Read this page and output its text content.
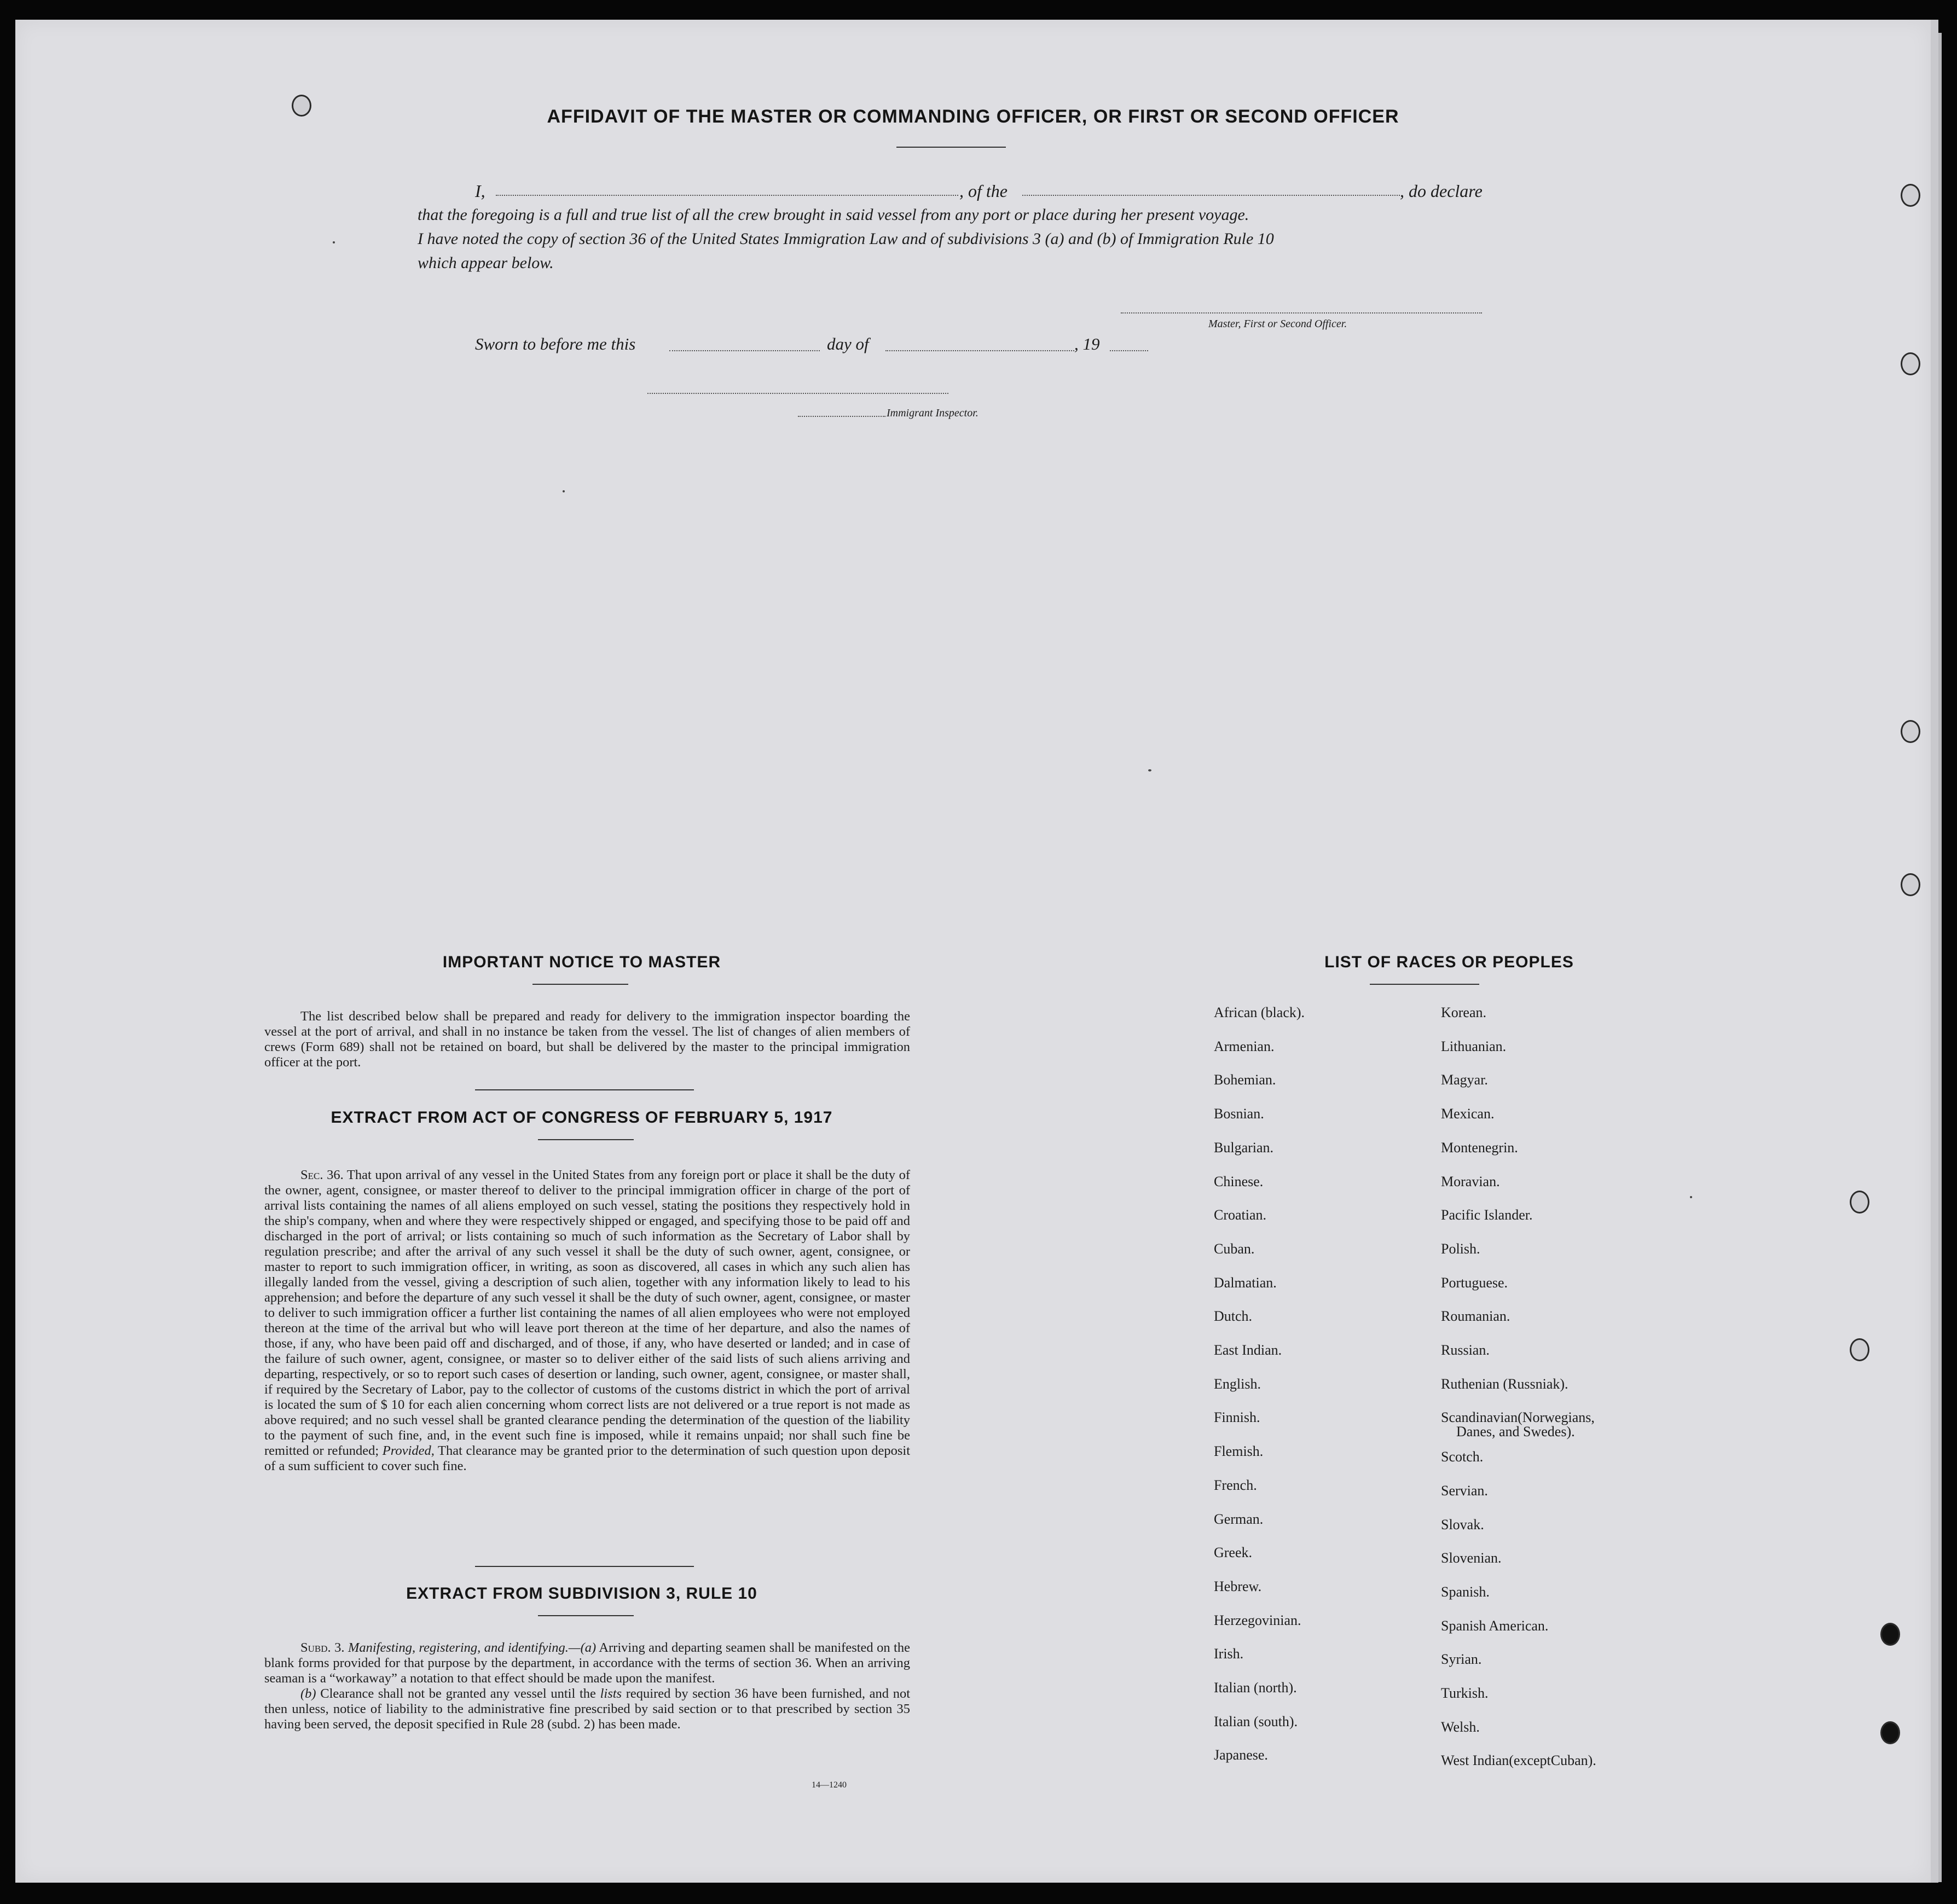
AFFIDAVIT OF THE MASTER OR COMMANDING OFFICER, OR FIRST OR SECOND OFFICER
I,	, of the	, do declare
that the foregoing is a full and true list of all the crew brought in said vessel from any port or place during her present voyage.
I have noted the copy of section 36 of the United States Immigration Law and of subdivisions 3 (a) and (b) of Immigration Rule 10
which appear below.
Master, First or Second Officer.
Sworn to before me this	day of	, 19
Immigrant Inspector.
IMPORTANT NOTICE TO MASTER

The list described below shall be prepared and ready for delivery to the immigration inspector boarding the vessel at the port of arrival, and shall in no instance be taken from the vessel. The list of changes of alien members of crews (Form 689) shall not be retained on board, but shall be delivered by the master to the principal immigration officer at the port.

EXTRACT FROM ACT OF CONGRESS OF FEBRUARY 5, 1917

Sec. 36. That upon arrival of any vessel in the United States from any foreign port or place it shall be the duty of the owner, agent, consignee, or master thereof to deliver to the principal immigration officer in charge of the port of arrival lists containing the names of all aliens employed on such vessel, stating the positions they respectively hold in the ship's company, when and where they were respectively shipped or engaged, and specifying those to be paid off and discharged in the port of arrival; or lists containing so much of such information as the Secretary of Labor shall by regulation prescribe; and after the arrival of any such vessel it shall be the duty of such owner, agent, consignee, or master to report to such immigration officer, in writing, as soon as discovered, all cases in which any such alien has illegally landed from the vessel, giving a description of such alien, together with any information likely to lead to his apprehension; and before the departure of any such vessel it shall be the duty of such owner, agent, consignee, or master to deliver to such immigration officer a further list containing the names of all alien employees who were not employed thereon at the time of the arrival but who will leave port thereon at the time of her departure, and also the names of those, if any, who have been paid off and discharged, and of those, if any, who have deserted or landed; and in case of the failure of such owner, agent, consignee, or master so to deliver either of the said lists of such aliens arriving and departing, respectively, or so to report such cases of desertion or landing, such owner, agent, consignee, or master shall, if required by the Secretary of Labor, pay to the collector of customs of the customs district in which the port of arrival is located the sum of $ 10 for each alien concerning whom correct lists are not delivered or a true report is not made as above required; and no such vessel shall be granted clearance pending the determination of the question of the liability to the payment of such fine, and, in the event such fine is imposed, while it remains unpaid; nor shall such fine be remitted or refunded; Provided, That clearance may be granted prior to the determination of such question upon deposit of a sum sufficient to cover such fine.

EXTRACT FROM SUBDIVISION 3, RULE 10

Subd. 3. Manifesting, registering, and identifying.—(a) Arriving and departing seamen shall be manifested on the blank forms provided for that purpose by the department, in accordance with the terms of section 36. When an arriving seaman is a “workaway” a notation to that effect should be made upon the manifest.

(b) Clearance shall not be granted any vessel until the lists required by section 36 have been furnished, and not then unless, notice of liability to the administrative fine prescribed by said section or to that prescribed by section 35 having been served, the deposit specified in Rule 28 (subd. 2) has been made.

14—1240
LIST OF RACES OR PEOPLES
African (black).
Armenian.
Bohemian.
Bosnian.
Bulgarian.
Chinese.
Croatian.
Cuban.
Dalmatian.
Dutch.
East Indian.
English.
Finnish.
Flemish.
French.
German.
Greek.
Hebrew.
Herzegovinian.
Irish.
Italian (north).
Italian (south).
Japanese.
Korean.
Lithuanian.
Magyar.
Mexican.
Montenegrin.
Moravian.
Pacific Islander.
Polish.
Portuguese.
Roumanian.
Russian.
Ruthenian (Russniak).
Scandinavian(Norwegians,
Scotch.
Servian.
Slovak.
Slovenian.
Spanish.
Spanish American.
Syrian.
Turkish.
Welsh.
West Indian(exceptCuban).
Danes, and Swedes).
